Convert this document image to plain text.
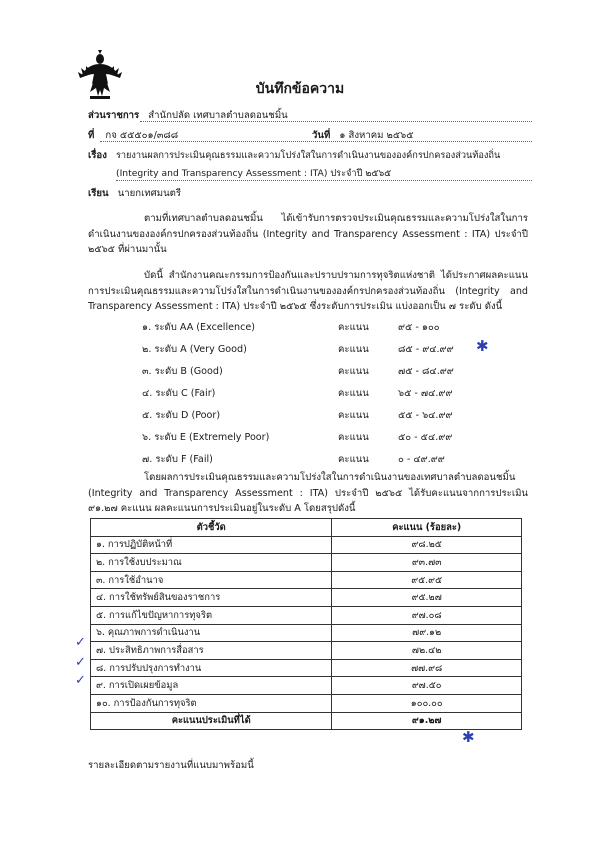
บันทึกข้อความ
ส่วนราชการ สำนักปลัด เทศบาลตำบลดอนชมิ้น
ที่ กจ ๕๕๕๐๑/๓๘๘	วันที่ ๑ สิงหาคม ๒๕๖๕
เรื่อง รายงานผลการประเมินคุณธรรมและความโปร่งใสในการดำเนินงานขององค์กรปกครองส่วนท้องถิ่น
(Integrity and Transparency Assessment : ITA) ประจำปี ๒๕๖๕
เรียน นายกเทศมนตรี

ตามที่เทศบาลตำบลดอนชมิ้น ได้เข้ารับการตรวจประเมินคุณธรรมและความโปร่งใสในการดำเนินงานขององค์กรปกครองส่วนท้องถิ่น (Integrity and Transparency Assessment : ITA) ประจำปี ๒๕๖๕ ที่ผ่านมานั้น

บัดนี้ สำนักงานคณะกรรมการป้องกันและปราบปรามการทุจริตแห่งชาติ ได้ประกาศผลคะแนนการประเมินคุณธรรมและความโปร่งใสในการดำเนินงานขององค์กรปกครองส่วนท้องถิ่น (Integrity and Transparency Assessment : ITA) ประจำปี ๒๕๖๕ ซึ่งระดับการประเมิน แบ่งออกเป็น ๗ ระดับ ดังนี้

๑. ระดับ AA (Excellence)	คะแนน	๙๕ - ๑๐๐
๒. ระดับ A (Very Good)	คะแนน	๘๕ - ๙๔.๙๙
๓. ระดับ B (Good)	คะแนน	๗๕ - ๘๔.๙๙
๔. ระดับ C (Fair)	คะแนน	๖๕ - ๗๔.๙๙
๕. ระดับ D (Poor)	คะแนน	๕๕ - ๖๔.๙๙
๖. ระดับ E (Extremely Poor)	คะแนน	๕๐ - ๕๔.๙๙
๗. ระดับ F (Fail)	คะแนน	๐ - ๔๙.๙๙
✱

โดยผลการประเมินคุณธรรมและความโปร่งใสในการดำเนินงานของเทศบาลตำบลดอนชมิ้น (Integrity and Transparency Assessment : ITA) ประจำปี ๒๕๖๕ ได้รับคะแนนจากการประเมิน ๙๑.๒๗ คะแนน ผลคะแนนการประเมินอยู่ในระดับ A โดยสรุปดังนี้

ตัวชี้วัด	คะแนน (ร้อยละ)
๑. การปฏิบัติหน้าที่	๙๘.๒๕
๒. การใช้งบประมาณ	๙๓.๗๓
๓. การใช้อำนาจ	๙๕.๙๕
๔. การใช้ทรัพย์สินของราชการ	๙๕.๒๗
๕. การแก้ไขปัญหาการทุจริต	๙๗.๐๘
๖. คุณภาพการดำเนินงาน	๗๙.๑๒
๗. ประสิทธิภาพการสื่อสาร	๗๒.๔๒
๘. การปรับปรุงการทำงาน	๗๗.๙๘
๙. การเปิดเผยข้อมูล	๙๗.๕๐
๑๐. การป้องกันการทุจริต	๑๐๐.๐๐
คะแนนประเมินที่ได้	๙๑.๒๗
✓
✓
✓
✱
รายละเอียดตามรายงานที่แนบมาพร้อมนี้
